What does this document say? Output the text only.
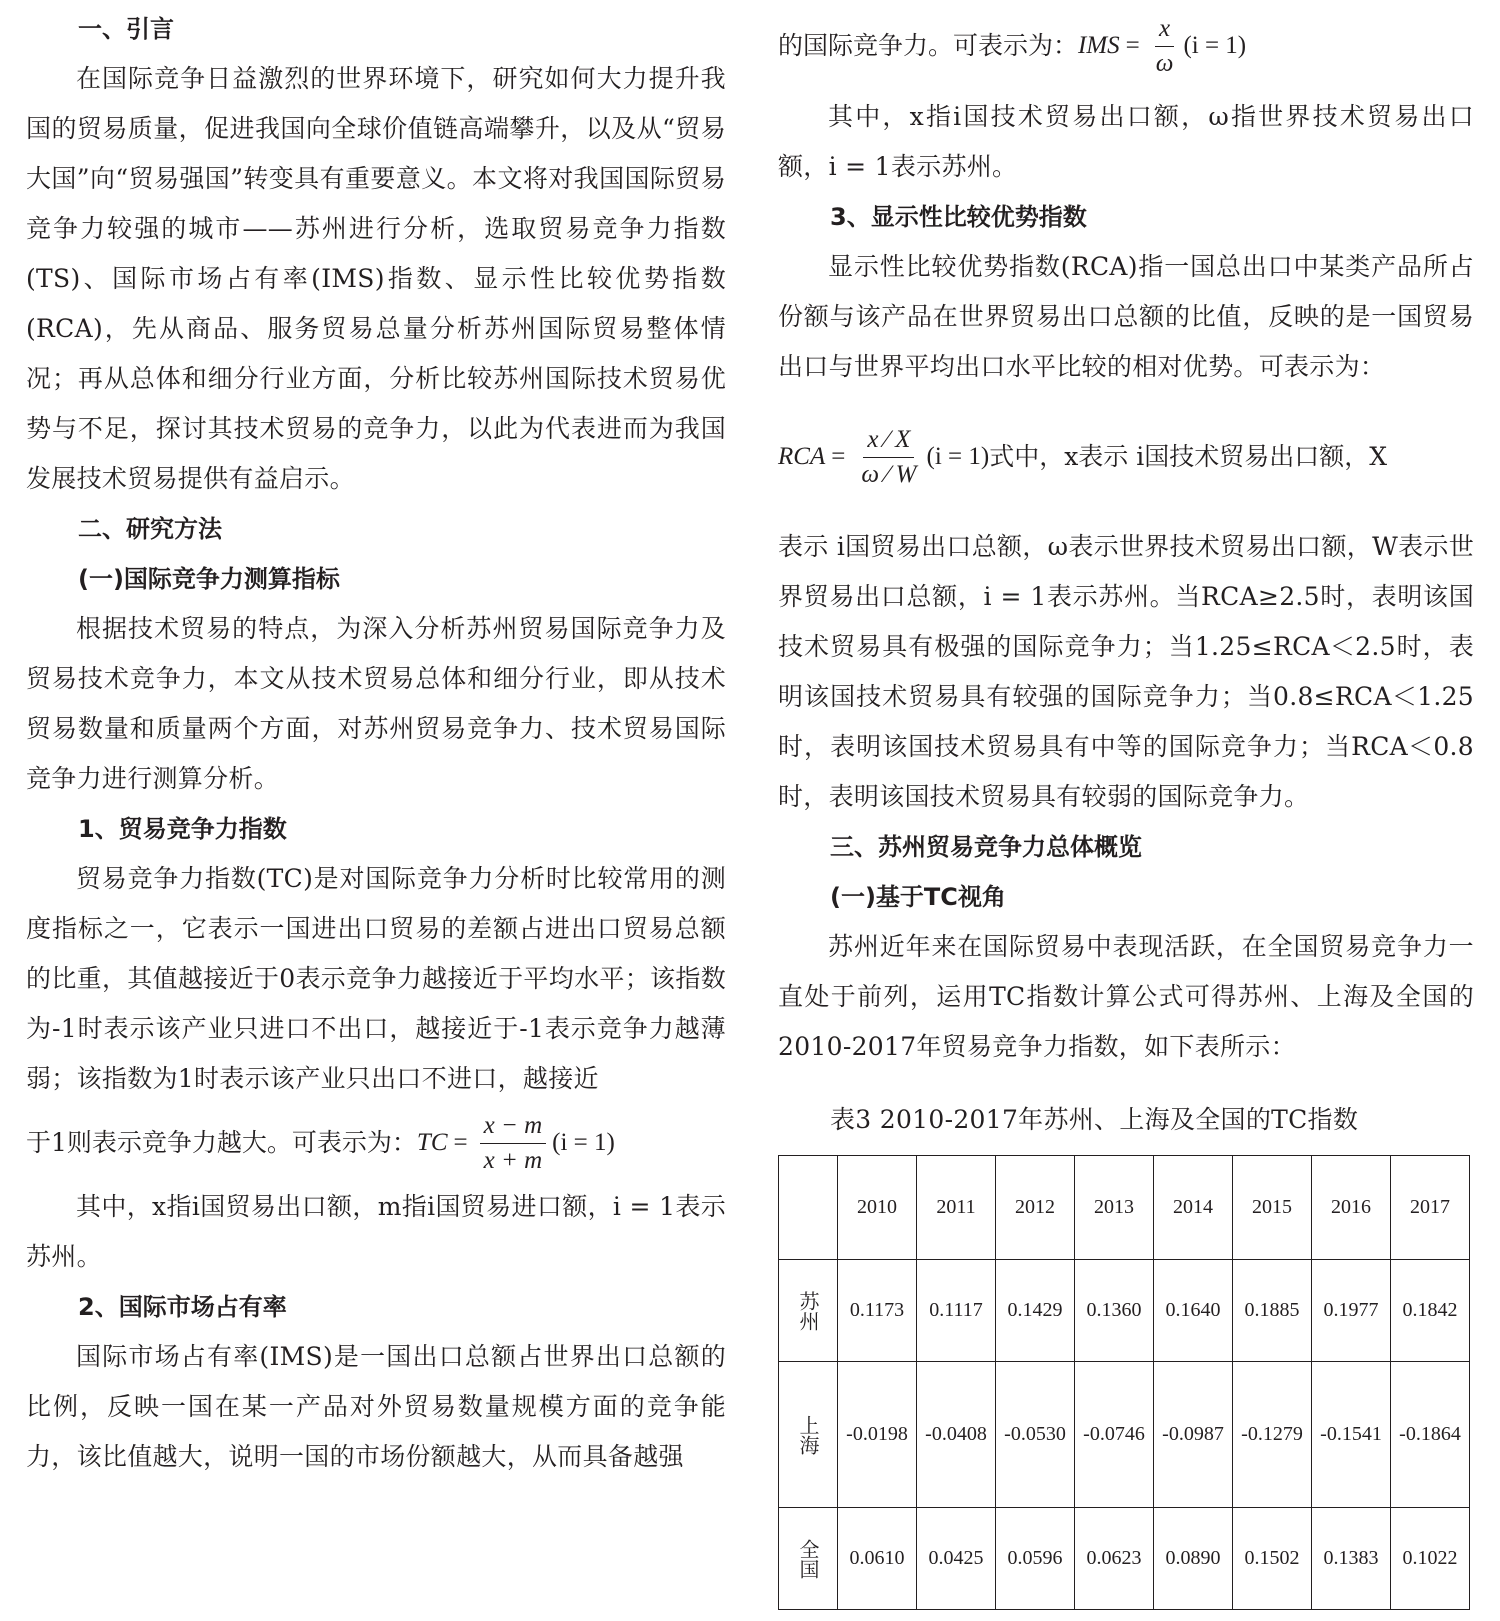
一、引言

在国际竞争日益激烈的世界环境下，研究如何大力提升我国的贸易质量，促进我国向全球价值链高端攀升，以及从“贸易大国”向“贸易强国”转变具有重要意义。本文将对我国国际贸易竞争力较强的城市——苏州进行分析，选取贸易竞争力指数(TS)、国际市场占有率(IMS)指数、显示性比较优势指数(RCA)，先从商品、服务贸易总量分析苏州国际贸易整体情况；再从总体和细分行业方面，分析比较苏州国际技术贸易优势与不足，探讨其技术贸易的竞争力，以此为代表进而为我国发展技术贸易提供有益启示。

二、研究方法
(一)国际竞争力测算指标

根据技术贸易的特点，为深入分析苏州贸易国际竞争力及贸易技术竞争力，本文从技术贸易总体和细分行业，即从技术贸易数量和质量两个方面，对苏州贸易竞争力、技术贸易国际竞争力进行测算分析。

1、贸易竞争力指数

贸易竞争力指数(TC)是对国际竞争力分析时比较常用的测度指标之一，它表示一国进出口贸易的差额占进出口贸易总额的比重，其值越接近于0表示竞争力越接近于平均水平；该指数为-1时表示该产业只进口不出口，越接近于-1表示竞争力越薄弱；该指数为1时表示该产业只出口不进口，越接近

于1则表示竞争力越大。可表示为： TC = $\frac{x - m}{x + m} (i = 1)$

其中，x指i国贸易出口额，m指i国贸易进口额，i = 1表示苏州。

2、国际市场占有率

国际市场占有率(IMS)是一国出口总额占世界出口总额的比例，反映一国在某一产品对外贸易数量规模方面的竞争能力，该比值越大，说明一国的市场份额越大，从而具备越强

的国际竞争力。可表示为： IMS = $\frac{x}{\omega} (i = 1)$

其中，x指i国技术贸易出口额，ω指世界技术贸易出口额，i = 1表示苏州。

3、显示性比较优势指数

显示性比较优势指数(RCA)指一国总出口中某类产品所占份额与该产品在世界贸易出口总额的比值，反映的是一国贸易出口与世界平均出口水平比较的相对优势。可表示为：

RCA = $\frac{x ⁄ X}{\omega ⁄ W} (i = 1)$ 式中，x表示 i国技术贸易出口额，X

表示 i国贸易出口总额，ω表示世界技术贸易出口额，W表示世界贸易出口总额，i = 1表示苏州。当RCA≥2.5时，表明该国技术贸易具有极强的国际竞争力；当1.25≤RCA＜2.5时，表明该国技术贸易具有较强的国际竞争力；当0.8≤RCA＜1.25时，表明该国技术贸易具有中等的国际竞争力；当RCA＜0.8时，表明该国技术贸易具有较弱的国际竞争力。

三、苏州贸易竞争力总体概览
(一)基于TC视角

苏州近年来在国际贸易中表现活跃，在全国贸易竞争力一直处于前列，运用TC指数计算公式可得苏州、上海及全国的2010-2017年贸易竞争力指数，如下表所示：

表3 2010-2017年苏州、上海及全国的TC指数
	2010	2011	2012	2013	2014	2015	2016	2017
苏州	0.1173	0.1117	0.1429	0.1360	0.1640	0.1885	0.1977	0.1842
上海	-0.0198	-0.0408	-0.0530	-0.0746	-0.0987	-0.1279	-0.1541	-0.1864
全国	0.0610	0.0425	0.0596	0.0623	0.0890	0.1502	0.1383	0.1022
